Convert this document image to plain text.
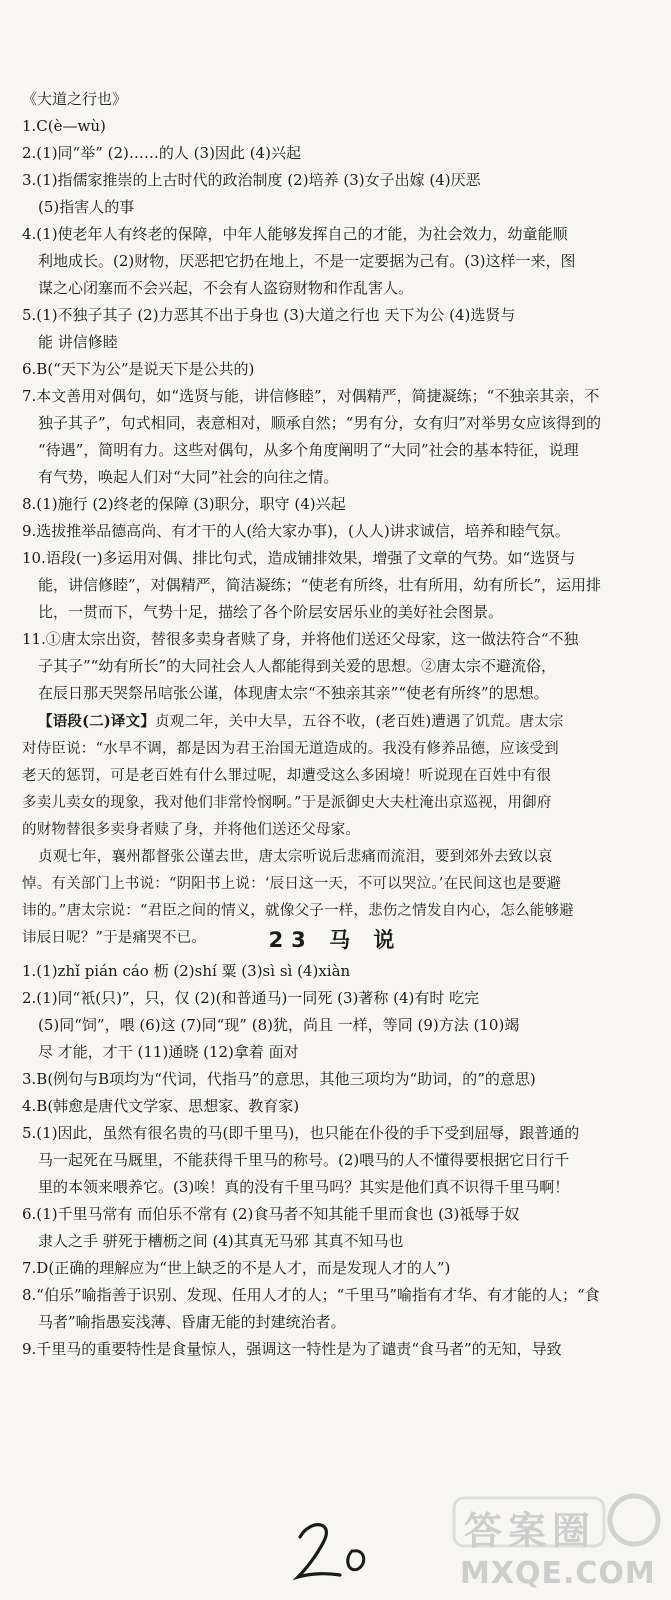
《大道之行也》

1.C(è—wù)

2.(1)同“举” (2)……的人 (3)因此 (4)兴起

3.(1)指儒家推崇的上古时代的政治制度 (2)培养 (3)女子出嫁 (4)厌恶

(5)指害人的事

4.(1)使老年人有终老的保障，中年人能够发挥自己的才能，为社会效力，幼童能顺

利地成长。(2)财物，厌恶把它扔在地上，不是一定要据为己有。(3)这样一来，图

谋之心闭塞而不会兴起，不会有人盗窃财物和作乱害人。

5.(1)不独子其子 (2)力恶其不出于身也 (3)大道之行也 天下为公 (4)选贤与

能 讲信修睦

6.B(“天下为公”是说天下是公共的)

7.本文善用对偶句，如“选贤与能，讲信修睦”，对偶精严，简捷凝练；“不独亲其亲，不

独子其子”，句式相同，表意相对，顺承自然；“男有分，女有归”对举男女应该得到的

“待遇”，简明有力。这些对偶句，从多个角度阐明了“大同”社会的基本特征，说理

有气势，唤起人们对“大同”社会的向往之情。

8.(1)施行 (2)终老的保障 (3)职分，职守 (4)兴起

9.选拔推举品德高尚、有才干的人(给大家办事)，(人人)讲求诚信，培养和睦气氛。

10.语段(一)多运用对偶、排比句式，造成铺排效果，增强了文章的气势。如“选贤与

能，讲信修睦”，对偶精严，简洁凝练；“使老有所终，壮有所用，幼有所长”，运用排

比，一贯而下，气势十足，描绘了各个阶层安居乐业的美好社会图景。

11.①唐太宗出资，替很多卖身者赎了身，并将他们送还父母家，这一做法符合“不独

子其子”“幼有所长”的大同社会人人都能得到关爱的思想。②唐太宗不避流俗，

在辰日那天哭祭吊唁张公谨，体现唐太宗“不独亲其亲”“使老有所终”的思想。

【语段(二)译文】贞观二年，关中大旱，五谷不收，(老百姓)遭遇了饥荒。唐太宗

对侍臣说：“水旱不调，都是因为君王治国无道造成的。我没有修养品德，应该受到

老天的惩罚，可是老百姓有什么罪过呢，却遭受这么多困境！听说现在百姓中有很

多卖儿卖女的现象，我对他们非常怜悯啊。”于是派御史大夫杜淹出京巡视，用御府

的财物替很多卖身者赎了身，并将他们送还父母家。

贞观七年，襄州都督张公谨去世，唐太宗听说后悲痛而流泪，要到郊外去致以哀

悼。有关部门上书说：“阴阳书上说：‘辰日这一天，不可以哭泣。’在民间这也是要避

讳的。”唐太宗说：“君臣之间的情义，就像父子一样，悲伤之情发自内心，怎么能够避

讳辰日呢？”于是痛哭不已。	23 马 说

1.(1)zhǐ pián cáo 枥 (2)shí 粟 (3)sì sì (4)xiàn

2.(1)同“衹(只)”，只，仅 (2)(和普通马)一同死 (3)著称 (4)有时 吃完

(5)同“饲”，喂 (6)这 (7)同“现” (8)犹，尚且 一样，等同 (9)方法 (10)竭

尽 才能，才干 (11)通晓 (12)拿着 面对

3.B(例句与B项均为“代词，代指马”的意思，其他三项均为“助词，的”的意思)

4.B(韩愈是唐代文学家、思想家、教育家)

5.(1)因此，虽然有很名贵的马(即千里马)，也只能在仆役的手下受到屈辱，跟普通的

马一起死在马厩里，不能获得千里马的称号。(2)喂马的人不懂得要根据它日行千

里的本领来喂养它。(3)唉！真的没有千里马吗？其实是他们真不识得千里马啊！

6.(1)千里马常有 而伯乐不常有 (2)食马者不知其能千里而食也 (3)祗辱于奴

隶人之手 骈死于槽枥之间 (4)其真无马邪 其真不知马也

7.D(正确的理解应为“世上缺乏的不是人才，而是发现人才的人”)

8.“伯乐”喻指善于识别、发现、任用人才的人；“千里马”喻指有才华、有才能的人；“食

马者”喻指愚妄浅薄、昏庸无能的封建统治者。

9.千里马的重要特性是食量惊人，强调这一特性是为了谴责“食马者”的无知，导致

答案圈
MXQE.COM
